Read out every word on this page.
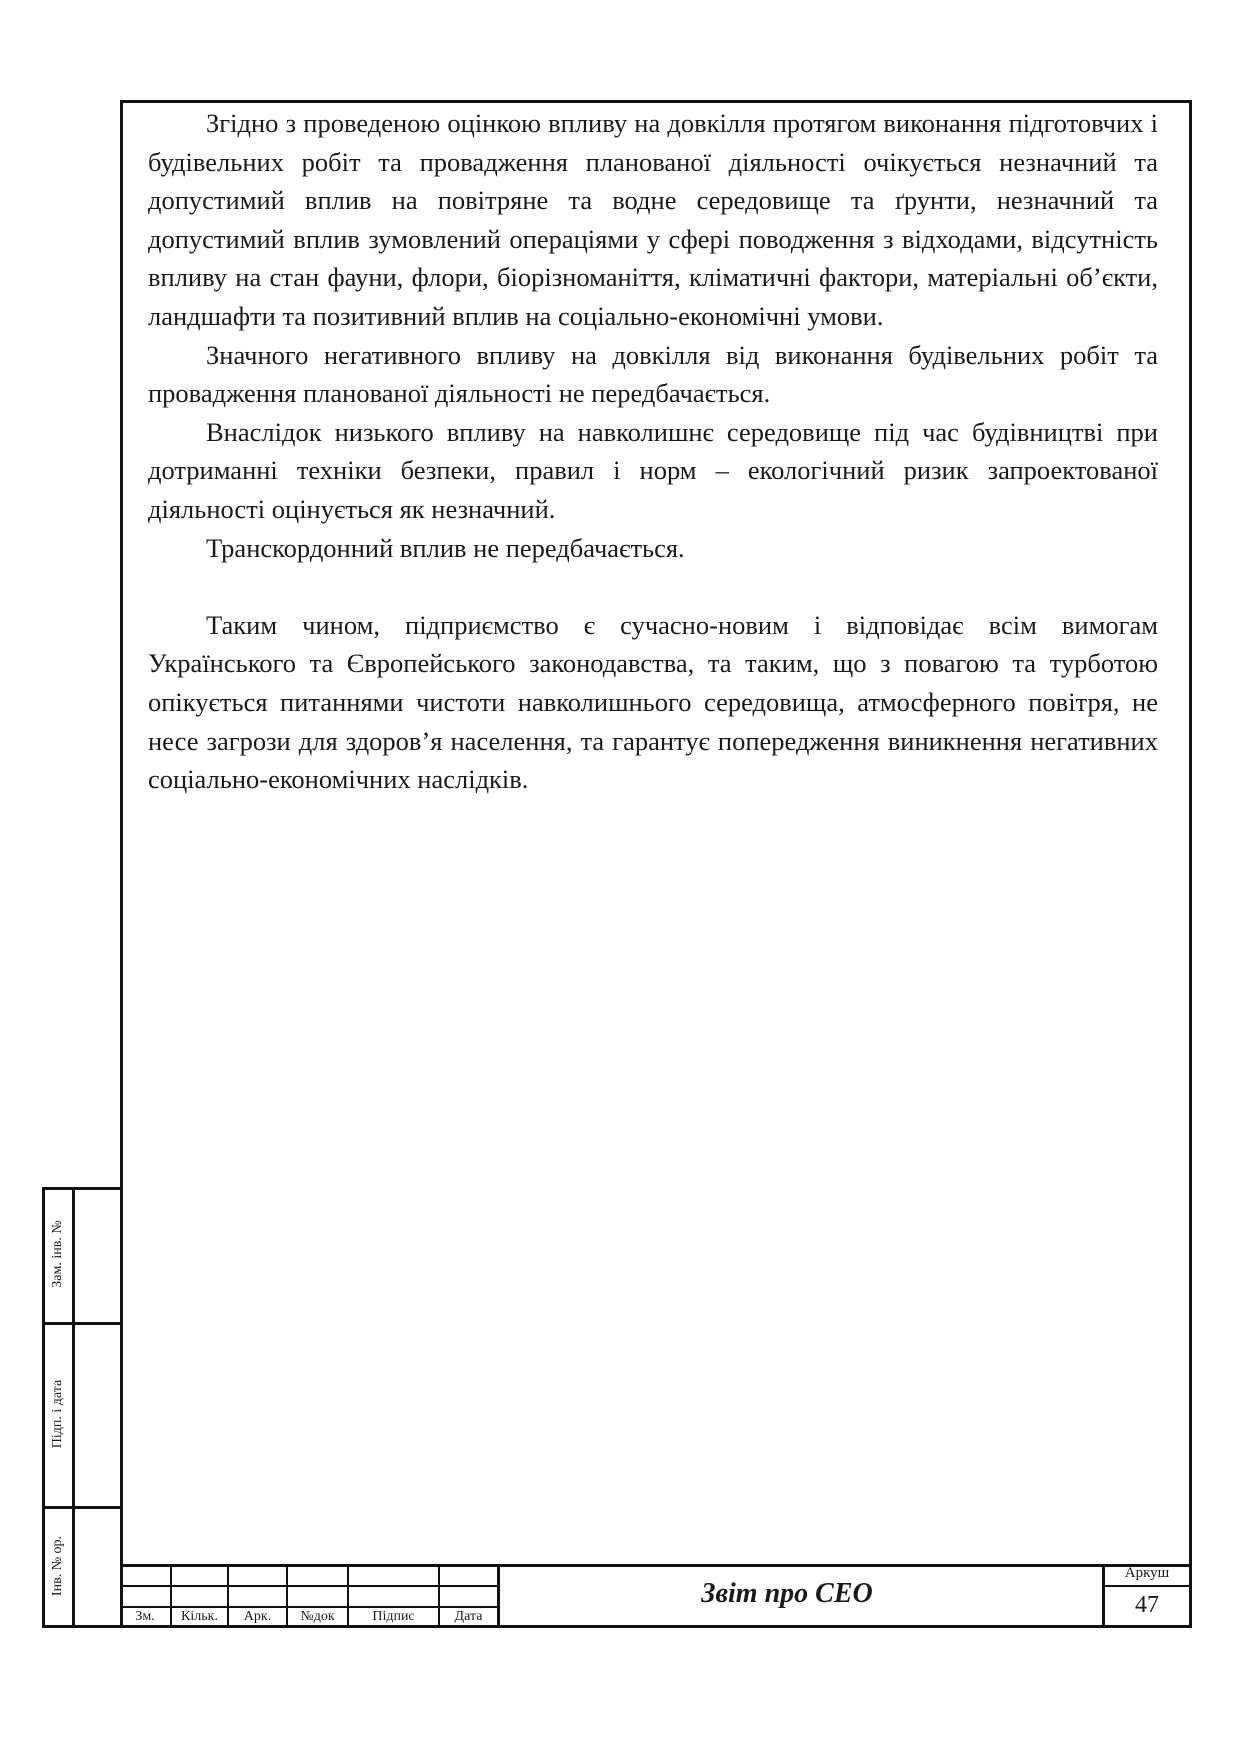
Згідно з проведеною оцінкою впливу на довкілля протягом виконання підготовчих і будівельних робіт та провадження планованої діяльності очікується незначний та допустимий вплив на повітряне та водне середовище та ґрунти, незначний та допустимий вплив зумовлений операціями у сфері поводження з відходами, відсутність впливу на стан фауни, флори, біорізноманіття, кліматичні фактори, матеріальні об’єкти, ландшафти та позитивний вплив на соціально-економічні умови.

Значного негативного впливу на довкілля від виконання будівельних робіт та провадження планованої діяльності не передбачається.

Внаслідок низького впливу на навколишнє середовище під час будівництві при дотриманні техніки безпеки, правил і норм – екологічний ризик запроектованої діяльності оцінується як незначний.

Транскордонний вплив не передбачається.

Таким чином, підприємство є сучасно-новим і відповідає всім вимогам Українського та Європейського законодавства, та таким, що з повагою та турботою опікується питаннями чистоти навколишнього середовища, атмосферного повітря, не несе загрози для здоров’я населення, та гарантує попередження виникнення негативних соціально-економічних наслідків.

Зам. інв. №
Підп. і дата
Інв. № ор.
Зм.	Кільк.	Арк.	№док	Підпис	Дата
Звіт про СЕО
Аркуш
47
